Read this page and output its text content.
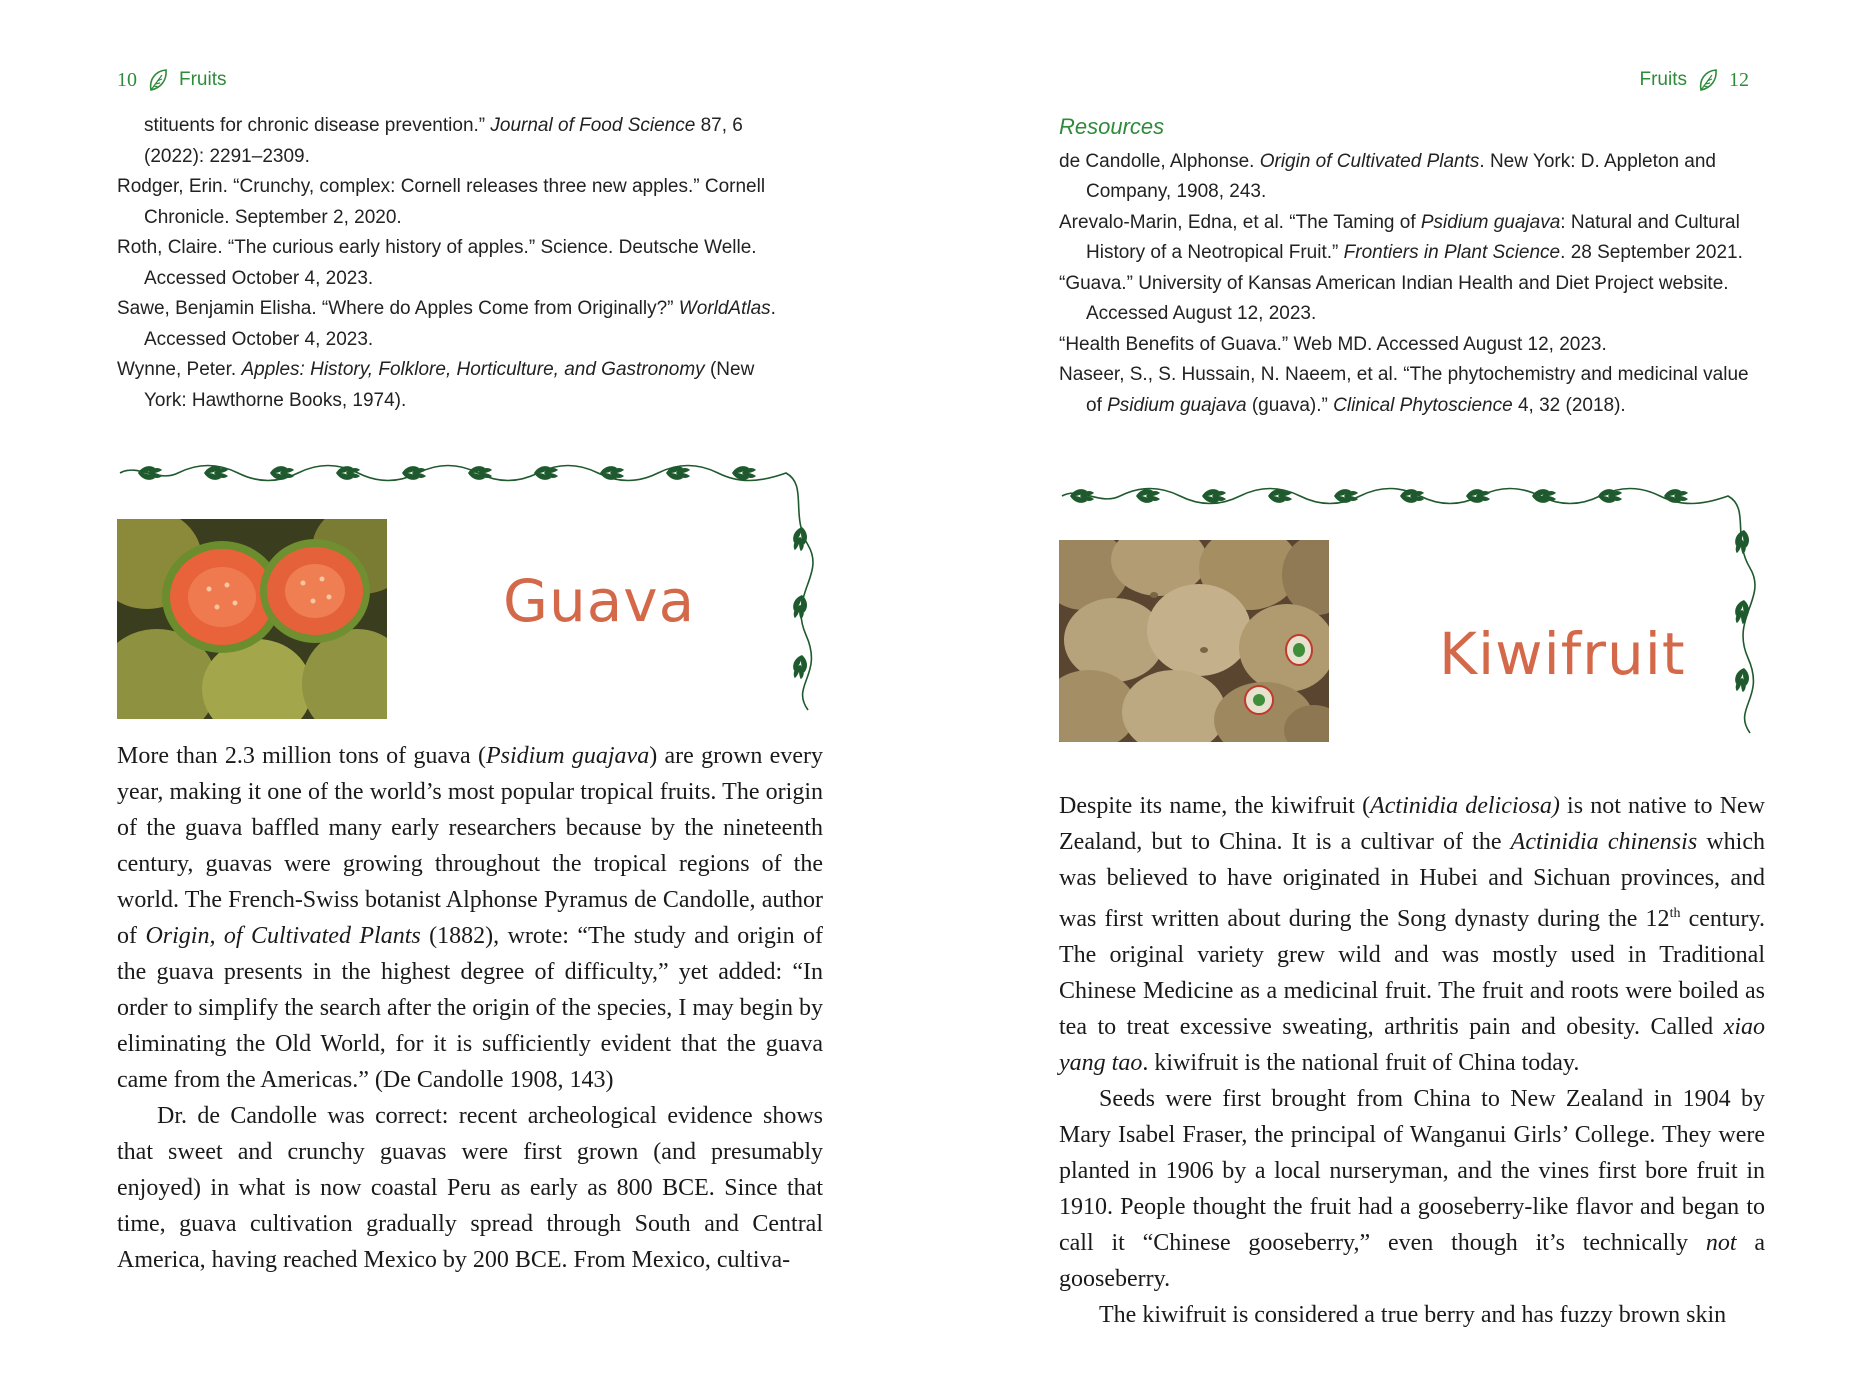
10 Fruits

stituents for chronic disease prevention.” Journal of Food Science 87, 6 (2022): 2291–2309.

Rodger, Erin. “Crunchy, complex: Cornell releases three new apples.” Cornell Chronicle. September 2, 2020.

Roth, Claire. “The curious early history of apples.” Science. Deutsche Welle. Accessed October 4, 2023.

Sawe, Benjamin Elisha. “Where do Apples Come from Originally?” WorldAtlas. Accessed October 4, 2023.

Wynne, Peter. Apples: History, Folklore, Horticulture, and Gastronomy (New York: Hawthorne Books, 1974).

Guava

More than 2.3 million tons of guava (Psidium guajava) are grown every year, making it one of the world’s most popular tropical fruits. The origin of the guava baffled many early researchers because by the nineteenth century, guavas were growing throughout the tropical regions of the world. The French-Swiss botanist Alphonse Pyramus de Candolle, author of Origin, of Cultivated Plants (1882), wrote: “The study and origin of the guava presents in the highest degree of difficulty,” yet added: “In order to simplify the search after the origin of the species, I may begin by eliminating the Old World, for it is sufficiently evident that the guava came from the Americas.” (De Candolle 1908, 143)

Dr. de Candolle was correct: recent archeological evidence shows that sweet and crunchy guavas were first grown (and presumably enjoyed) in what is now coastal Peru as early as 800 BCE. Since that time, guava cultivation gradually spread through South and Central America, having reached Mexico by 200 BCE. From Mexico, cultiva-

Fruits 12
Resources

de Candolle, Alphonse. Origin of Cultivated Plants. New York: D. Appleton and Company, 1908, 243.

Arevalo-Marin, Edna, et al. “The Taming of Psidium guajava: Natural and Cultural History of a Neotropical Fruit.” Frontiers in Plant Science. 28 September 2021.

“Guava.” University of Kansas American Indian Health and Diet Project website. Accessed August 12, 2023.

“Health Benefits of Guava.” Web MD. Accessed August 12, 2023.

Naseer, S., S. Hussain, N. Naeem, et al. “The phytochemistry and medicinal value of Psidium guajava (guava).” Clinical Phytoscience 4, 32 (2018).

Kiwifruit

Despite its name, the kiwifruit (Actinidia deliciosa) is not native to New Zealand, but to China. It is a cultivar of the Actinidia chinensis which was believed to have originated in Hubei and Sichuan provinces, and was first written about during the Song dynasty during the 12th century. The original variety grew wild and was mostly used in Traditional Chinese Medicine as a medicinal fruit. The fruit and roots were boiled as tea to treat excessive sweating, arthritis pain and obesity. Called xiao yang tao. kiwifruit is the national fruit of China today.

Seeds were first brought from China to New Zealand in 1904 by Mary Isabel Fraser, the principal of Wanganui Girls’ College. They were planted in 1906 by a local nurseryman, and the vines first bore fruit in 1910. People thought the fruit had a gooseberry-like flavor and began to call it “Chinese gooseberry,” even though it’s technically not a gooseberry.

The kiwifruit is considered a true berry and has fuzzy brown skin
